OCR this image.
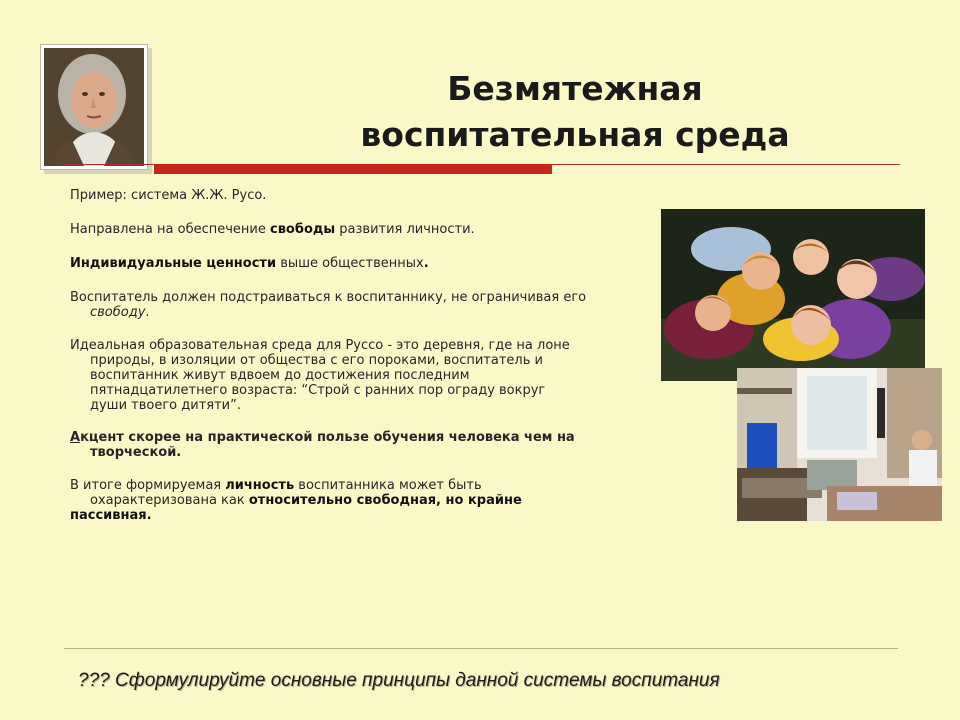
Безмятежная
воспитательная среда
Пример: система Ж.Ж. Русо.
Направлена на обеспечение свободы развития личности.
Индивидуальные ценности выше общественных.
Воспитатель должен подстраиваться к воспитаннику, не ограничивая его
свободу.
Идеальная образовательная среда для Руссо - это деревня, где на лоне
природы, в изоляции от общества с его пороками, воспитатель и
воспитанник живут вдвоем до достижения последним
пятнадцатилетнего возраста: “Строй с ранних пор ограду вокруг
души твоего дитяти”.
Акцент скорее на практической пользе обучения человека чем на
творческой.
В итоге формируемая личность воспитанника может быть
охарактеризована как относительно свободная, но крайне
пассивная.
??? Сформулируйте основные принципы данной системы воспитания
